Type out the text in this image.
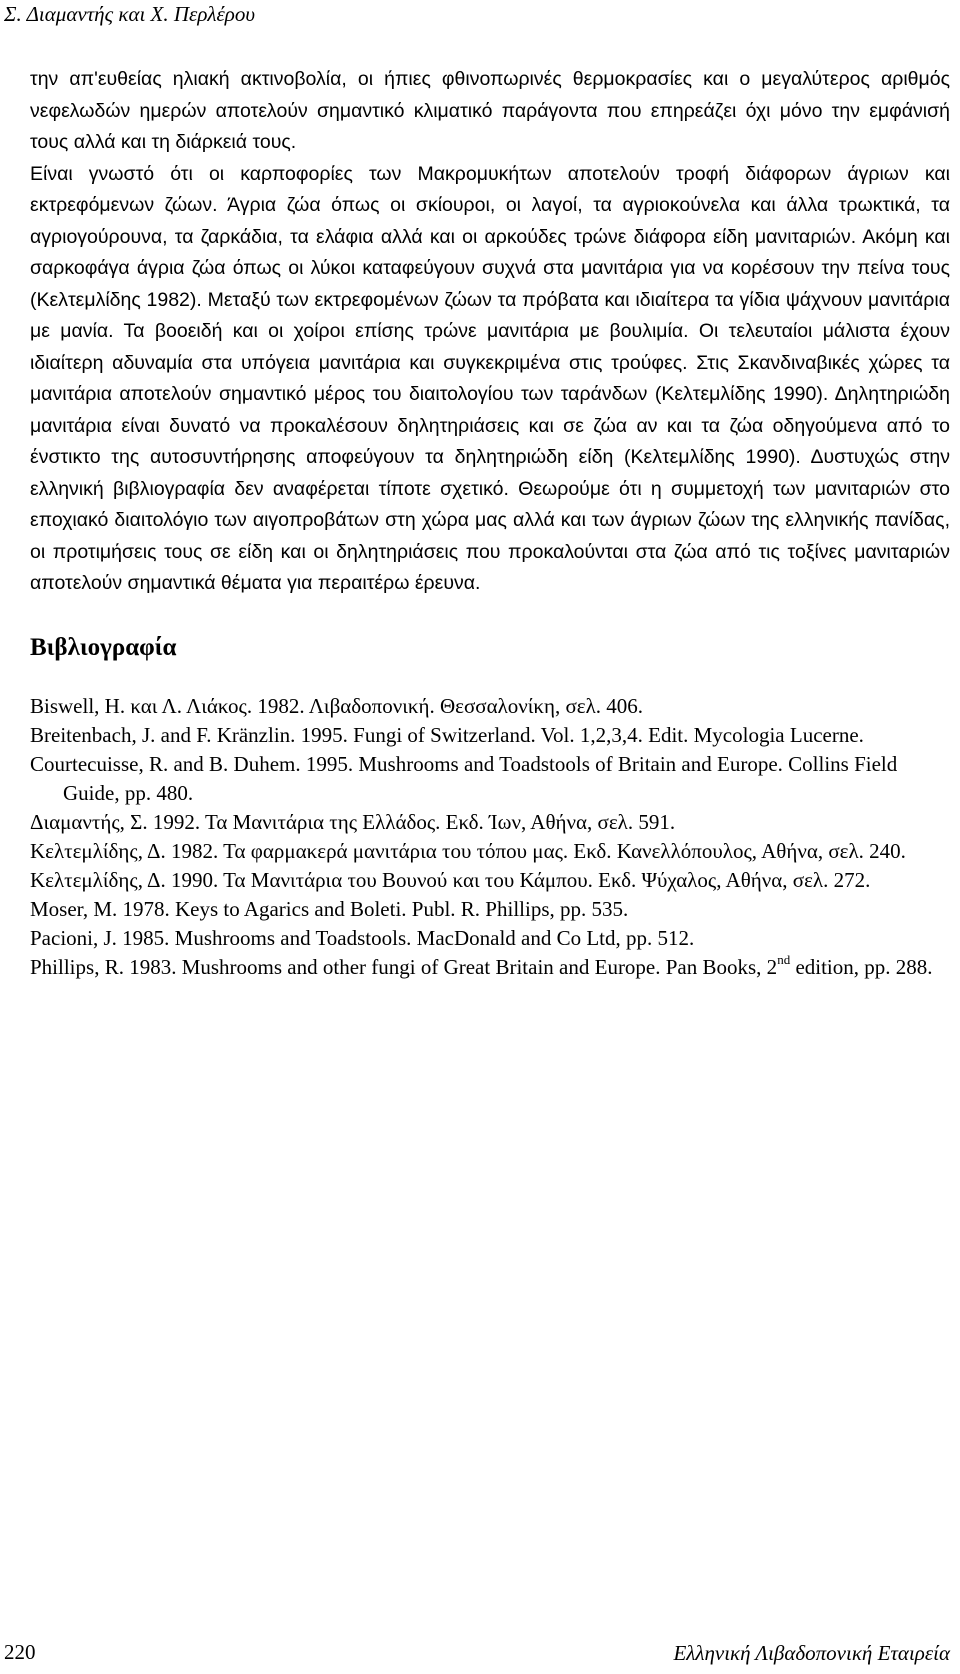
Σ. Διαμαντής και Χ. Περλέρου

την απ'ευθείας ηλιακή ακτινοβολία, οι ήπιες φθινοπωρινές θερμοκρασίες και ο μεγαλύτερος αριθμός νεφελωδών ημερών αποτελούν σημαντικό κλιματικό παράγοντα που επηρεάζει όχι μόνο την εμφάνισή τους αλλά και τη διάρκειά τους.

Είναι γνωστό ότι οι καρποφορίες των Μακρομυκήτων αποτελούν τροφή διάφορων άγριων και εκτρεφόμενων ζώων. Άγρια ζώα όπως οι σκίουροι, οι λαγοί, τα αγριοκούνελα και άλλα τρωκτικά, τα αγριογούρουνα, τα ζαρκάδια, τα ελάφια αλλά και οι αρκούδες τρώνε διάφορα είδη μανιταριών. Ακόμη και σαρκοφάγα άγρια ζώα όπως οι λύκοι καταφεύγουν συχνά στα μανιτάρια για να κορέσουν την πείνα τους (Κελτεμλίδης 1982). Μεταξύ των εκτρεφομένων ζώων τα πρόβατα και ιδιαίτερα τα γίδια ψάχνουν μανιτάρια με μανία. Τα βοοειδή και οι χοίροι επίσης τρώνε μανιτάρια με βουλιμία. Οι τελευταίοι μάλιστα έχουν ιδιαίτερη αδυναμία στα υπόγεια μανιτάρια και συγκεκριμένα στις τρούφες. Στις Σκανδιναβικές χώρες τα μανιτάρια αποτελούν σημαντικό μέρος του διαιτολογίου των ταράνδων (Κελτεμλίδης 1990). Δηλητηριώδη μανιτάρια είναι δυνατό να προκαλέσουν δηλητηριάσεις και σε ζώα αν και τα ζώα οδηγούμενα από το ένστικτο της αυτοσυντήρησης αποφεύγουν τα δηλητηριώδη είδη (Κελτεμλίδης 1990). Δυστυχώς στην ελληνική βιβλιογραφία δεν αναφέρεται τίποτε σχετικό. Θεωρούμε ότι η συμμετοχή των μανιταριών στο εποχιακό διαιτολόγιο των αιγοπροβάτων στη χώρα μας αλλά και των άγριων ζώων της ελληνικής πανίδας, οι προτιμήσεις τους σε είδη και οι δηλητηριάσεις που προκαλούνται στα ζώα από τις τοξίνες μανιταριών αποτελούν σημαντικά θέματα για περαιτέρω έρευνα.

Βιβλιογραφία
Biswell, H. και Λ. Λιάκος. 1982. Λιβαδοπονική. Θεσσαλονίκη, σελ. 406.
Breitenbach, J. and F. Kränzlin. 1995. Fungi of Switzerland. Vol. 1,2,3,4. Edit. Mycologia Lucerne.
Courtecuisse, R. and B. Duhem. 1995. Mushrooms and Toadstools of Britain and Europe. Collins Field Guide, pp. 480.
Διαμαντής, Σ. 1992. Τα Μανιτάρια της Ελλάδος. Εκδ. Ίων, Αθήνα, σελ. 591.
Κελτεμλίδης, Δ. 1982. Τα φαρμακερά μανιτάρια του τόπου μας. Εκδ. Κανελλόπουλος, Αθήνα, σελ. 240.
Κελτεμλίδης, Δ. 1990. Τα Μανιτάρια του Βουνού και του Κάμπου. Εκδ. Ψύχαλος, Αθήνα, σελ. 272.
Moser, M. 1978. Keys to Agarics and Boleti. Publ. R. Phillips, pp. 535.
Pacioni, J. 1985. Mushrooms and Toadstools. MacDonald and Co Ltd, pp. 512.
Phillips, R. 1983. Mushrooms and other fungi of Great Britain and Europe. Pan Books, 2nd edition, pp. 288.
220	Ελληνική Λιβαδοπονική Εταιρεία
